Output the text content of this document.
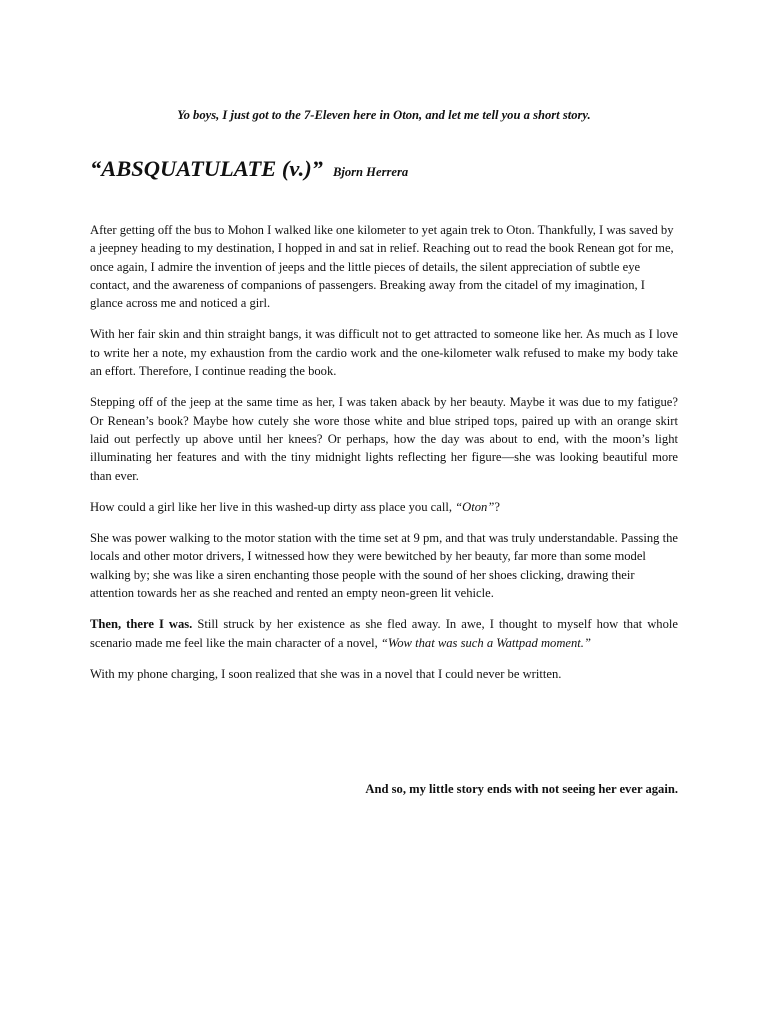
Yo boys, I just got to the 7-Eleven here in Oton, and let me tell you a short story.
“ABSQUATULATE (v.)” Bjorn Herrera

After getting off the bus to Mohon I walked like one kilometer to yet again trek to Oton. Thankfully, I was saved by a jeepney heading to my destination, I hopped in and sat in relief. Reaching out to read the book Renean got for me, once again, I admire the invention of jeeps and the little pieces of details, the silent appreciation of subtle eye contact, and the awareness of companions of passengers. Breaking away from the citadel of my imagination, I glance across me and noticed a girl.

With her fair skin and thin straight bangs, it was difficult not to get attracted to someone like her. As much as I love to write her a note, my exhaustion from the cardio work and the one-kilometer walk refused to make my body take an effort. Therefore, I continue reading the book.

Stepping off of the jeep at the same time as her, I was taken aback by her beauty. Maybe it was due to my fatigue? Or Renean’s book? Maybe how cutely she wore those white and blue striped tops, paired up with an orange skirt laid out perfectly up above until her knees? Or perhaps, how the day was about to end, with the moon’s light illuminating her features and with the tiny midnight lights reflecting her figure—she was looking beautiful more than ever.

How could a girl like her live in this washed-up dirty ass place you call, “Oton”?

She was power walking to the motor station with the time set at 9 pm, and that was truly understandable. Passing the locals and other motor drivers, I witnessed how they were bewitched by her beauty, far more than some model walking by; she was like a siren enchanting those people with the sound of her shoes clicking, drawing their attention towards her as she reached and rented an empty neon-green lit vehicle.

Then, there I was. Still struck by her existence as she fled away. In awe, I thought to myself how that whole scenario made me feel like the main character of a novel, “Wow that was such a Wattpad moment.”

With my phone charging, I soon realized that she was in a novel that I could never be written.

And so, my little story ends with not seeing her ever again.
